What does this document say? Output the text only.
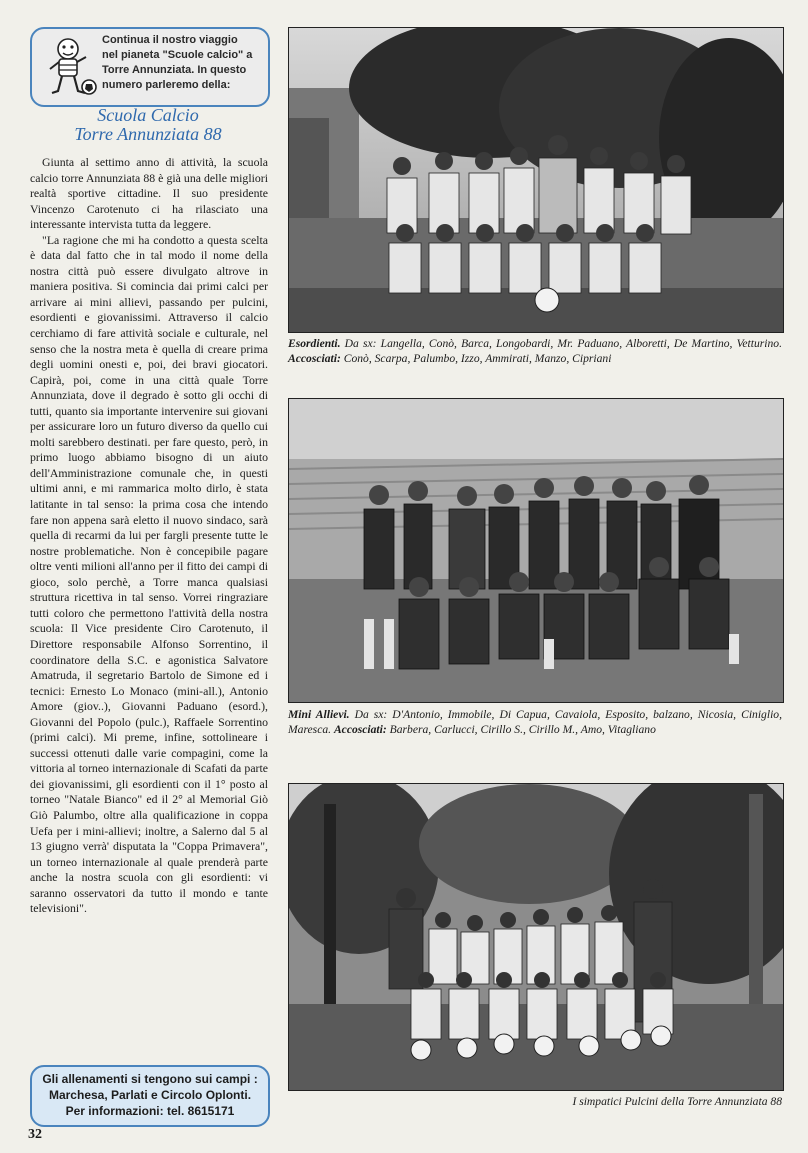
Continua il nostro viaggio
nel pianeta "Scuole calcio" a
Torre Annunziata. In questo
numero parleremo della:
Scuola Calcio
Torre Annunziata 88

Giunta al settimo anno di attività, la scuola calcio torre Annunziata 88 è già una delle migliori realtà sportive cittadine. Il suo presidente Vincenzo Carotenuto ci ha rilasciato una interessante intervista tutta da leggere.

"La ragione che mi ha condotto a questa scelta è data dal fatto che in tal modo il nome della nostra città può essere divulgato altrove in maniera positiva. Si comincia dai primi calci per arrivare ai mini allievi, passando per pulcini, esordienti e giovanissimi. Attraverso il calcio cerchiamo di fare attività sociale e culturale, nel senso che la nostra meta è quella di creare prima degli uomini onesti e, poi, dei bravi giocatori. Capirà, poi, come in una città quale Torre Annunziata, dove il degrado è sotto gli occhi di tutti, quanto sia importante intervenire sui giovani per assicurare loro un futuro diverso da quello cui molti sarebbero destinati. per fare questo, però, in primo luogo abbiamo bisogno di un aiuto dell'Amministrazione comunale che, in questi ultimi anni, e mi rammarica molto dirlo, è stata latitante in tal senso: la prima cosa che intendo fare non appena sarà eletto il nuovo sindaco, sarà quella di recarmi da lui per fargli presente tutte le nostre problematiche. Non è concepibile pagare oltre venti milioni all'anno per il fitto dei campi di gioco, solo perchè, a Torre manca qualsiasi struttura ricettiva in tal senso. Vorrei ringraziare tutti coloro che permettono l'attività della nostra scuola: Il Vice presidente Ciro Carotenuto, il Direttore responsabile Alfonso Sorrentino, il coordinatore della S.C. e agonistica Salvatore Amatruda, il segretario Bartolo de Simone ed i tecnici: Ernesto Lo Monaco (mini-all.), Antonio Amore (giov..), Giovanni Paduano (esord.), Giovanni del Popolo (pulc.), Raffaele Sorrentino (primi calci). Mi preme, infine, sottolineare i successi ottenuti dalle varie compagini, come la vittoria al torneo internazionale di Scafati da parte dei giovanissimi, gli esordienti con il 1° posto al torneo "Natale Bianco" ed il 2° al Memorial Giò Giò Palumbo, oltre alla qualificazione in coppa Uefa per i mini-allievi; inoltre, a Salerno dal 5 al 13 giugno verrà' disputata la "Coppa Primavera", un torneo internazionale al quale prenderà parte anche la nostra scuola con gli esordienti: vi saranno osservatori da tutto il mondo e tante televisioni".

Gli allenamenti si tengono sui campi :
Marchesa, Parlati e Circolo Oplonti.
Per informazioni: tel. 8615171
32
Esordienti. Da sx: Langella, Conò, Barca, Longobardi, Mr. Paduano, Alboretti, De Martino, Vetturino. Accosciati: Conò, Scarpa, Palumbo, Izzo, Ammirati, Manzo, Cipriani
Mini Allievi. Da sx: D'Antonio, Immobile, Di Capua, Cavaiola, Esposito, balzano, Nicosia, Ciniglio, Maresca. Accosciati: Barbera, Carlucci, Cirillo S., Cirillo M., Amo, Vitagliano
I simpatici Pulcini della Torre Annunziata 88
